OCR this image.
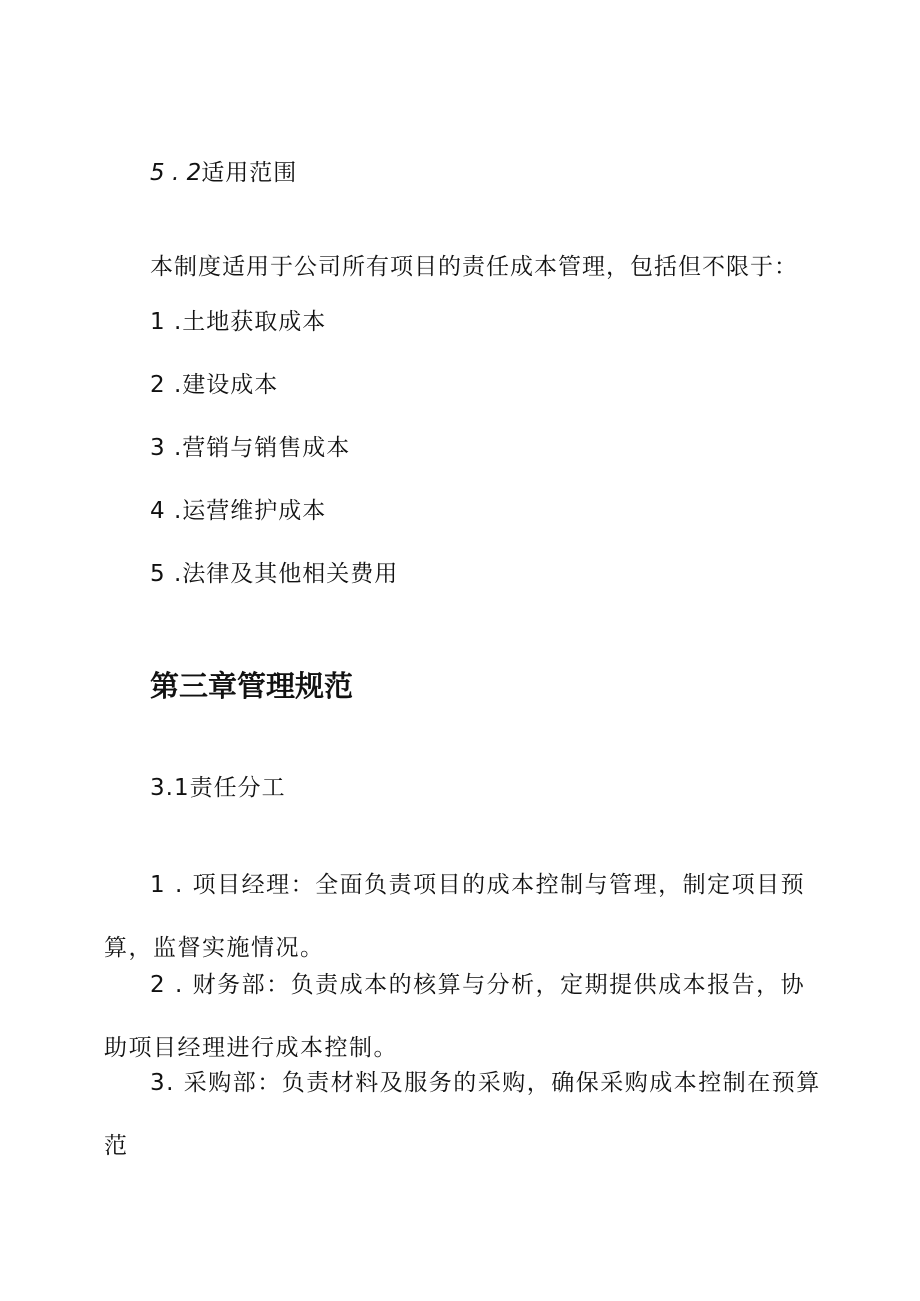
5 . 2适用范围
本制度适用于公司所有项目的责任成本管理，包括但不限于：
1 .土地获取成本
2 .建设成本
3 .营销与销售成本
4 .运营维护成本
5 .法律及其他相关费用
第三章管理规范
3.1责任分工
1 . 项目经理：全面负责项目的成本控制与管理，制定项目预算，监督实施情况。
2 . 财务部：负责成本的核算与分析，定期提供成本报告，协助项目经理进行成本控制。
3. 采购部：负责材料及服务的采购，确保采购成本控制在预算范
